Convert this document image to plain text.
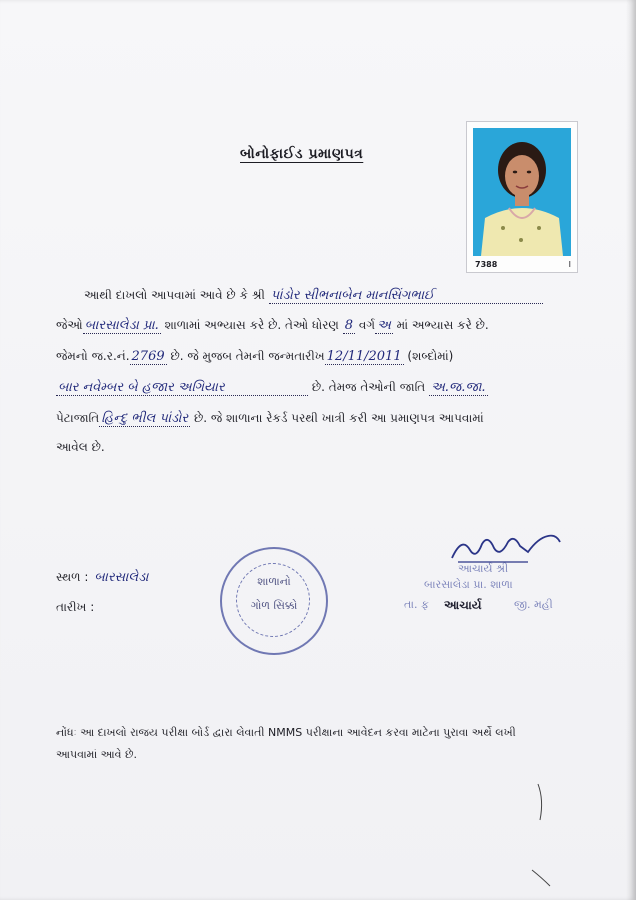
બોનોફાઈડ પ્રમાણપત્ર
7388	I
આથી દાખલો આપવામાં આવે છે કે શ્રી પાંડોર સીભનાબેન માનસિંગભાઈ
જેઓ બારસાલેડા પ્રા. શાળામાં અભ્યાસ કરે છે. તેઓ ધોરણ 8 વર્ગ અ માં અભ્યાસ કરે છે.
જેમનો જ.ર.નં. 2769 છે. જે મુજબ તેમની જન્મતારીખ 12/11/2011 (શબ્દોમાં)
બાર નવેમ્બર બે હજાર અગિયાર	છે. તેમજ તેઓની જાતિ અ.જ.જા.
પેટાજાતિ હિન્દુ ભીલ પાંડોર છે. જે શાળાના રેકર્ડ પરથી ખાત્રી કરી આ પ્રમાણપત્ર આપવામાં
આવેલ છે.
સ્થળ : બારસાલેડા
તારીખ :
શાળાનો
ગોળ સિક્કો
આચાર્ય શ્રી
બારસાલેડા પ્રા. શાળા
તા. ફ	જી. મહી
આચાર્ય
નોંધઃ આ દાખલો રાજય પરીક્ષા બોર્ડ દ્વારા લેવાતી NMMS પરીક્ષાના આવેદન કરવા માટેના પુરાવા અર્થે લખી
આપવામાં આવે છે.
